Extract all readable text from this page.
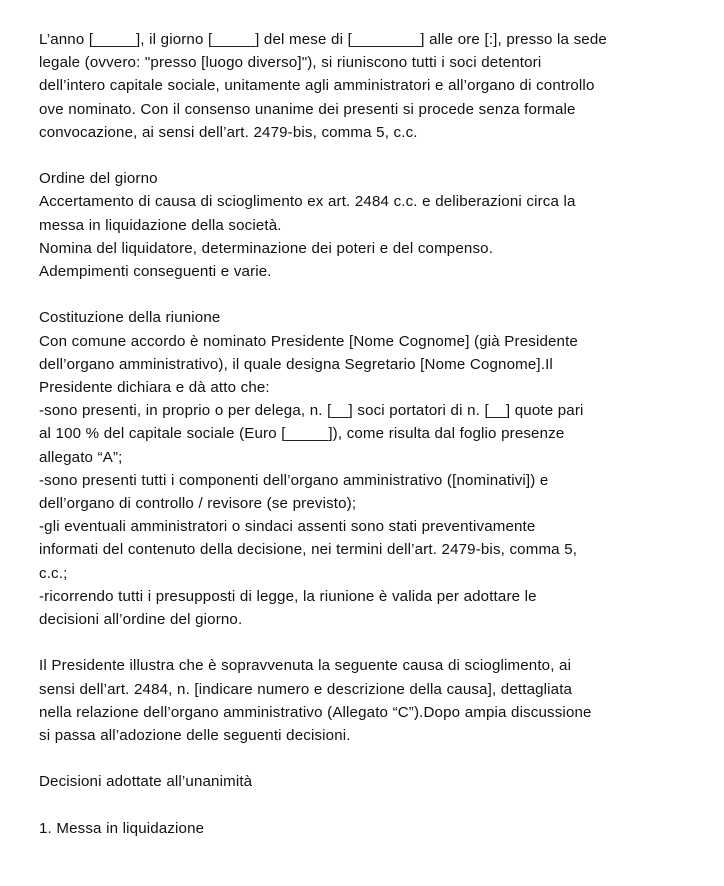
L’anno [_____], il giorno [_____] del mese di [________] alle ore [:], presso la sede
legale (ovvero: "presso [luogo diverso]"), si riuniscono tutti i soci detentori
dell’intero capitale sociale, unitamente agli amministratori e all’organo di controllo
ove nominato. Con il consenso unanime dei presenti si procede senza formale
convocazione, ai sensi dell’art. 2479-bis, comma 5, c.c.
Ordine del giorno
Accertamento di causa di scioglimento ex art. 2484 c.c. e deliberazioni circa la
messa in liquidazione della società.
Nomina del liquidatore, determinazione dei poteri e del compenso.
Adempimenti conseguenti e varie.
Costituzione della riunione
Con comune accordo è nominato Presidente [Nome Cognome] (già Presidente
dell’organo amministrativo), il quale designa Segretario [Nome Cognome].Il
Presidente dichiara e dà atto che:
-sono presenti, in proprio o per delega, n. [__] soci portatori di n. [__] quote pari
al 100 % del capitale sociale (Euro [_____]), come risulta dal foglio presenze
allegato “A”;
-sono presenti tutti i componenti dell’organo amministrativo ([nominativi]) e
dell’organo di controllo / revisore (se previsto);
-gli eventuali amministratori o sindaci assenti sono stati preventivamente
informati del contenuto della decisione, nei termini dell’art. 2479-bis, comma 5,
c.c.;
-ricorrendo tutti i presupposti di legge, la riunione è valida per adottare le
decisioni all’ordine del giorno.
Il Presidente illustra che è sopravvenuta la seguente causa di scioglimento, ai
sensi dell’art. 2484, n. [indicare numero e descrizione della causa], dettagliata
nella relazione dell’organo amministrativo (Allegato “C”).Dopo ampia discussione
si passa all’adozione delle seguenti decisioni.
Decisioni adottate all’unanimità
1. Messa in liquidazione
